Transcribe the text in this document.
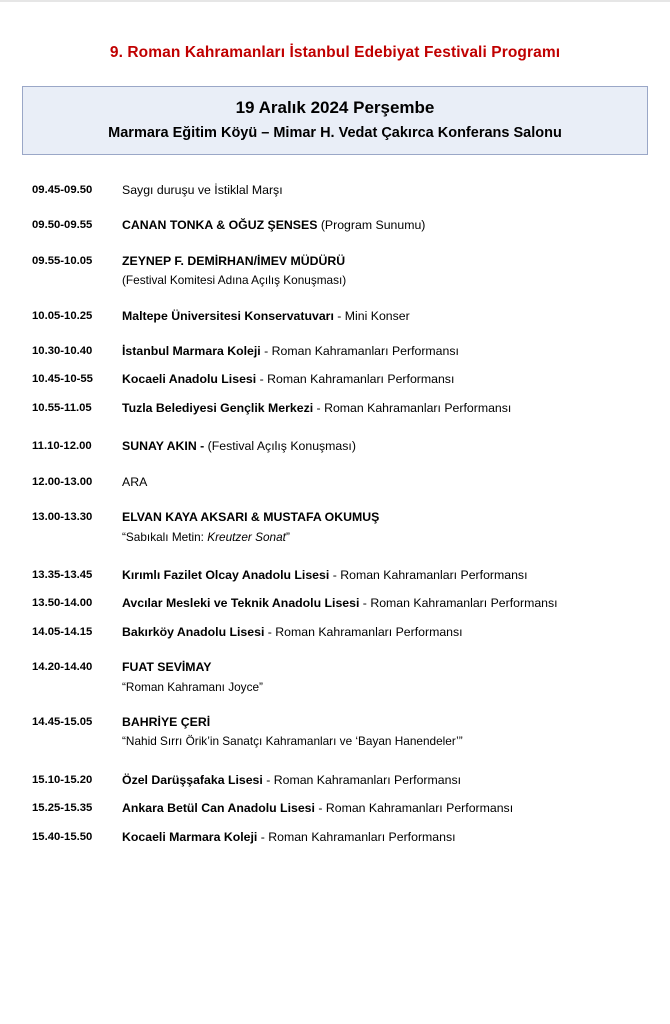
9. Roman Kahramanları İstanbul Edebiyat Festivali Programı
19 Aralık 2024 Perşembe
Marmara Eğitim Köyü – Mimar H. Vedat Çakırca Konferans Salonu
09.45-09.50	Saygı duruşu ve İstiklal Marşı
09.50-09.55	CANAN TONKA & OĞUZ ŞENSES (Program Sunumu)
09.55-10.05	ZEYNEP F. DEMİRHAN/İMEV MÜDÜRÜ
(Festival Komitesi Adına Açılış Konuşması)
10.05-10.25	Maltepe Üniversitesi Konservatuvarı - Mini Konser
10.30-10.40	İstanbul Marmara Koleji - Roman Kahramanları Performansı
10.45-10-55	Kocaeli Anadolu Lisesi - Roman Kahramanları Performansı
10.55-11.05	Tuzla Belediyesi Gençlik Merkezi - Roman Kahramanları Performansı
11.10-12.00	SUNAY AKIN - (Festival Açılış Konuşması)
12.00-13.00	ARA
13.00-13.30	ELVAN KAYA AKSARI & MUSTAFA OKUMUŞ
“Sabıkalı Metin: Kreutzer Sonat”
13.35-13.45	Kırımlı Fazilet Olcay Anadolu Lisesi - Roman Kahramanları Performansı
13.50-14.00	Avcılar Mesleki ve Teknik Anadolu Lisesi - Roman Kahramanları Performansı
14.05-14.15	Bakırköy Anadolu Lisesi - Roman Kahramanları Performansı
14.20-14.40	FUAT SEVİMAY
“Roman Kahramanı Joyce”
14.45-15.05	BAHRİYE ÇERİ
“Nahid Sırrı Örik’in Sanatçı Kahramanları ve ‘Bayan Hanendeler’”
15.10-15.20	Özel Darüşşafaka Lisesi - Roman Kahramanları Performansı
15.25-15.35	Ankara Betül Can Anadolu Lisesi - Roman Kahramanları Performansı
15.40-15.50	Kocaeli Marmara Koleji - Roman Kahramanları Performansı
